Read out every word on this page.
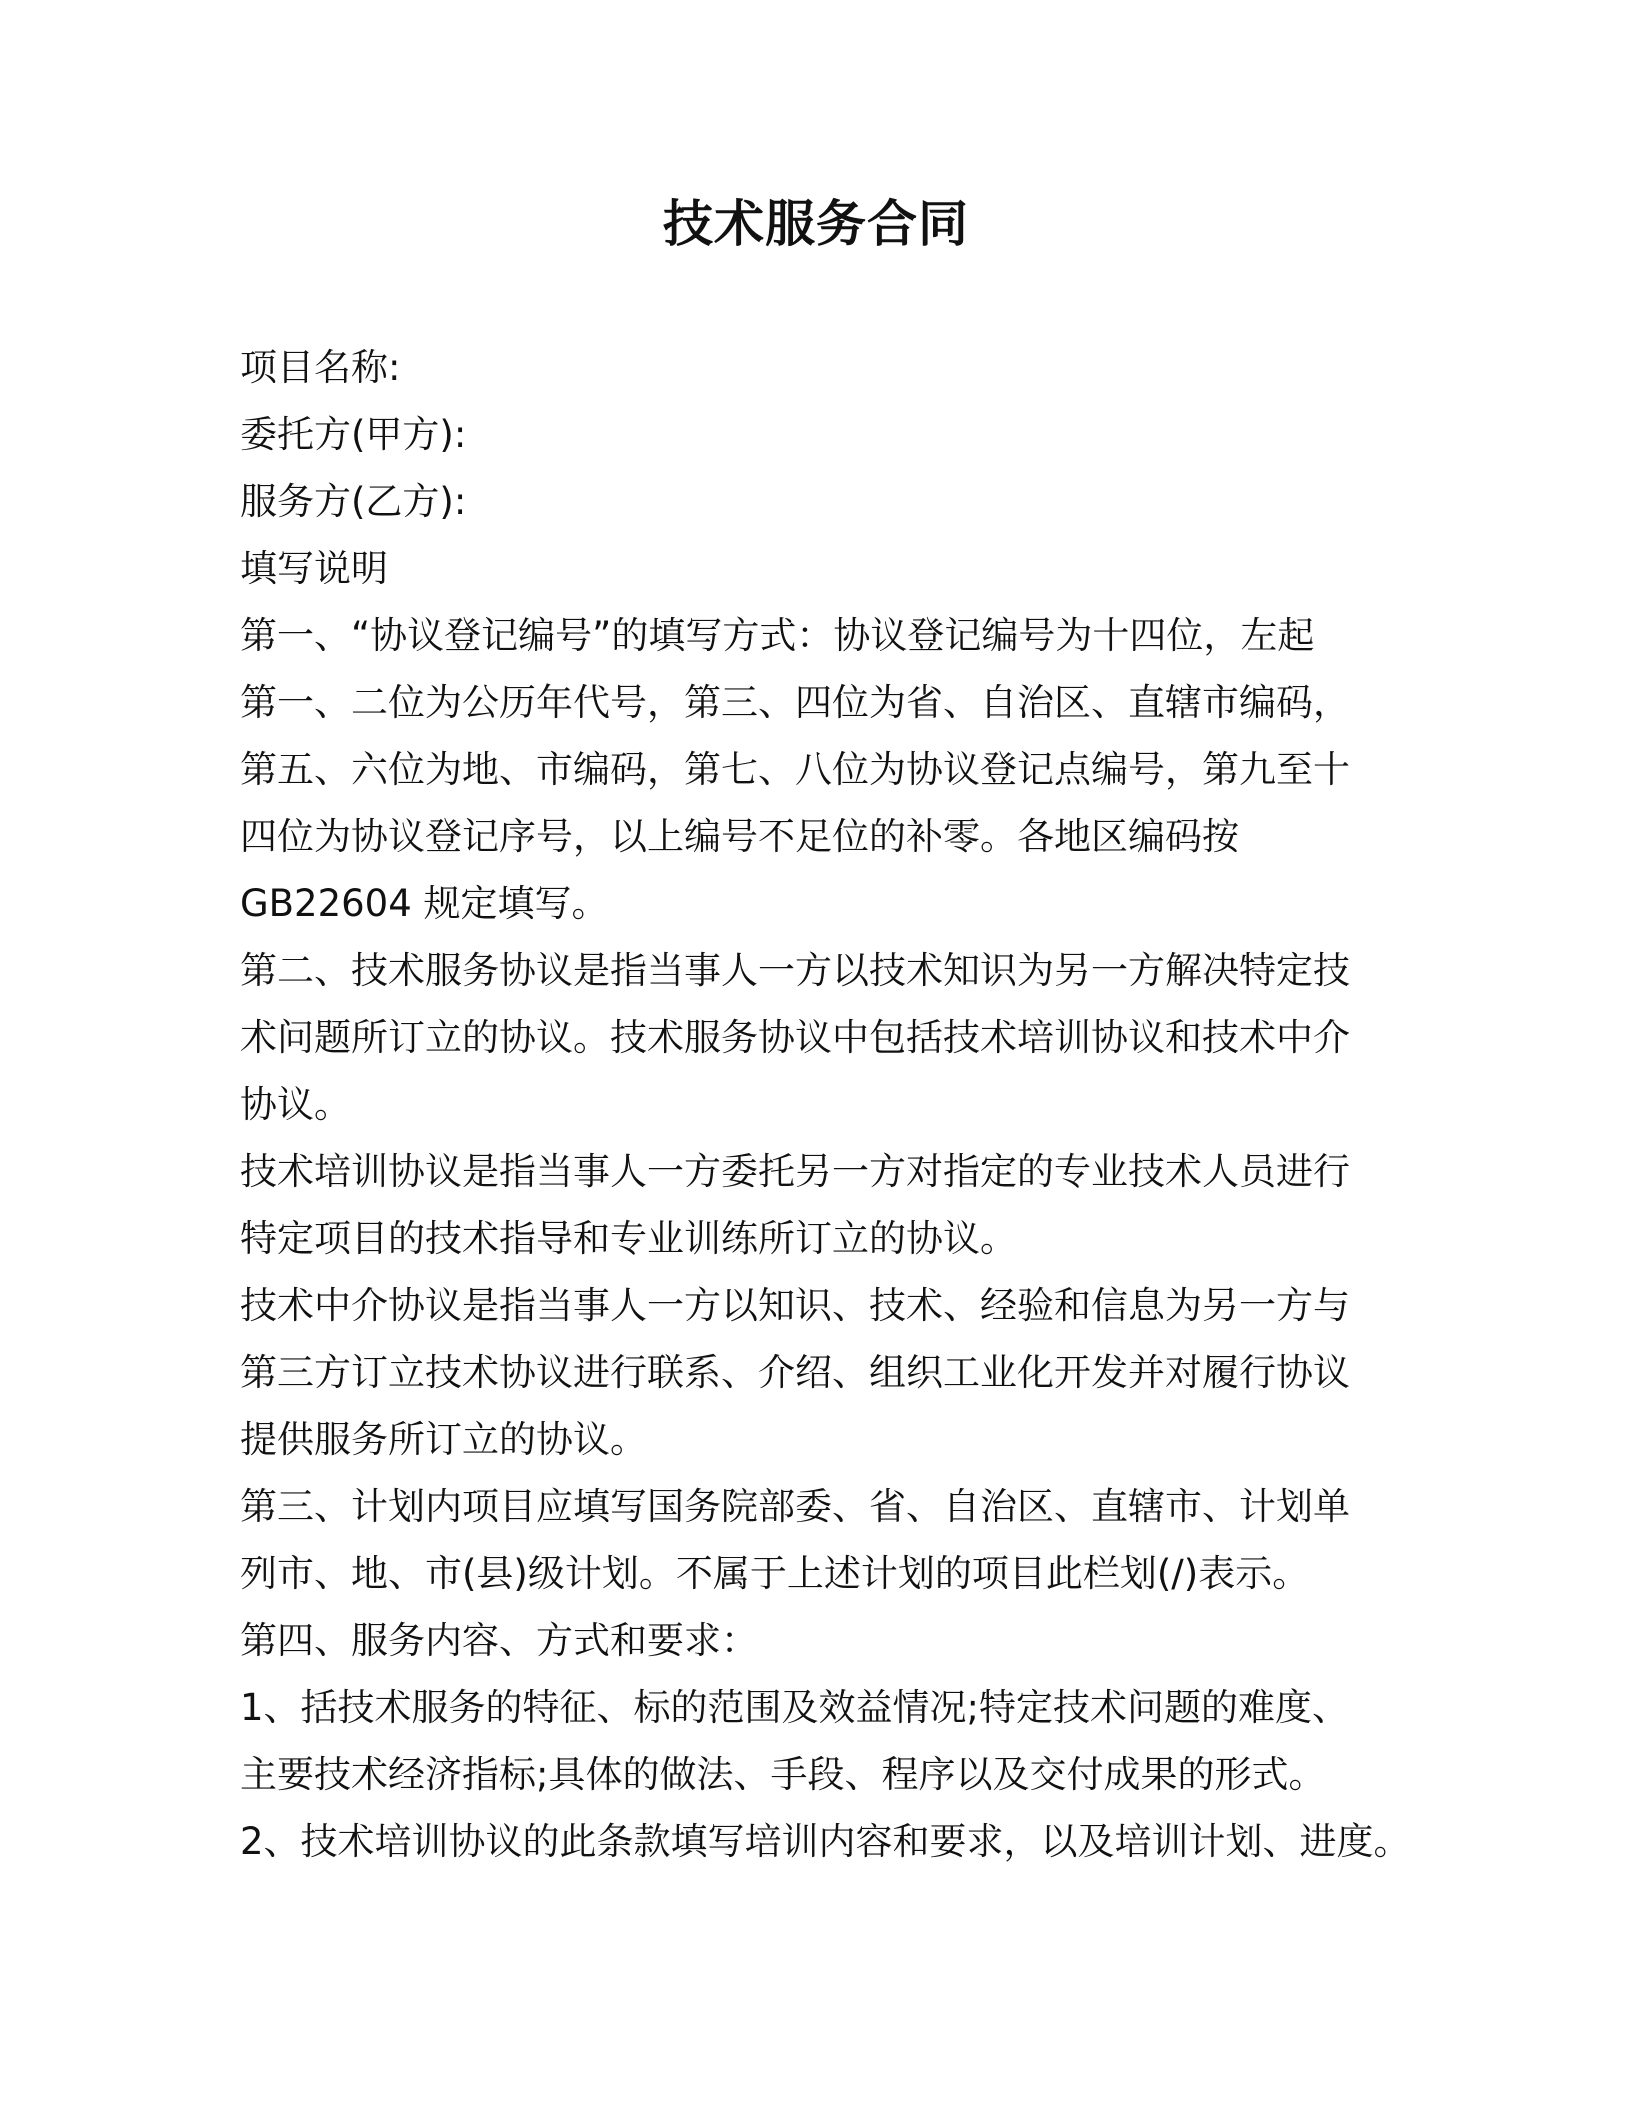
技术服务合同
项目名称:
委托方(甲方):
服务方(乙方):
填写说明
第一、“协议登记编号”的填写方式：协议登记编号为十四位，左起
第一、二位为公历年代号，第三、四位为省、自治区、直辖市编码，
第五、六位为地、市编码，第七、八位为协议登记点编号，第九至十
四位为协议登记序号，以上编号不足位的补零。各地区编码按
GB22604 规定填写。
第二、技术服务协议是指当事人一方以技术知识为另一方解决特定技
术问题所订立的协议。技术服务协议中包括技术培训协议和技术中介
协议。
技术培训协议是指当事人一方委托另一方对指定的专业技术人员进行
特定项目的技术指导和专业训练所订立的协议。
技术中介协议是指当事人一方以知识、技术、经验和信息为另一方与
第三方订立技术协议进行联系、介绍、组织工业化开发并对履行协议
提供服务所订立的协议。
第三、计划内项目应填写国务院部委、省、自治区、直辖市、计划单
列市、地、市(县)级计划。不属于上述计划的项目此栏划(/)表示。
第四、服务内容、方式和要求：
1、括技术服务的特征、标的范围及效益情况;特定技术问题的难度、
主要技术经济指标;具体的做法、手段、程序以及交付成果的形式。
2、技术培训协议的此条款填写培训内容和要求，以及培训计划、进度。
